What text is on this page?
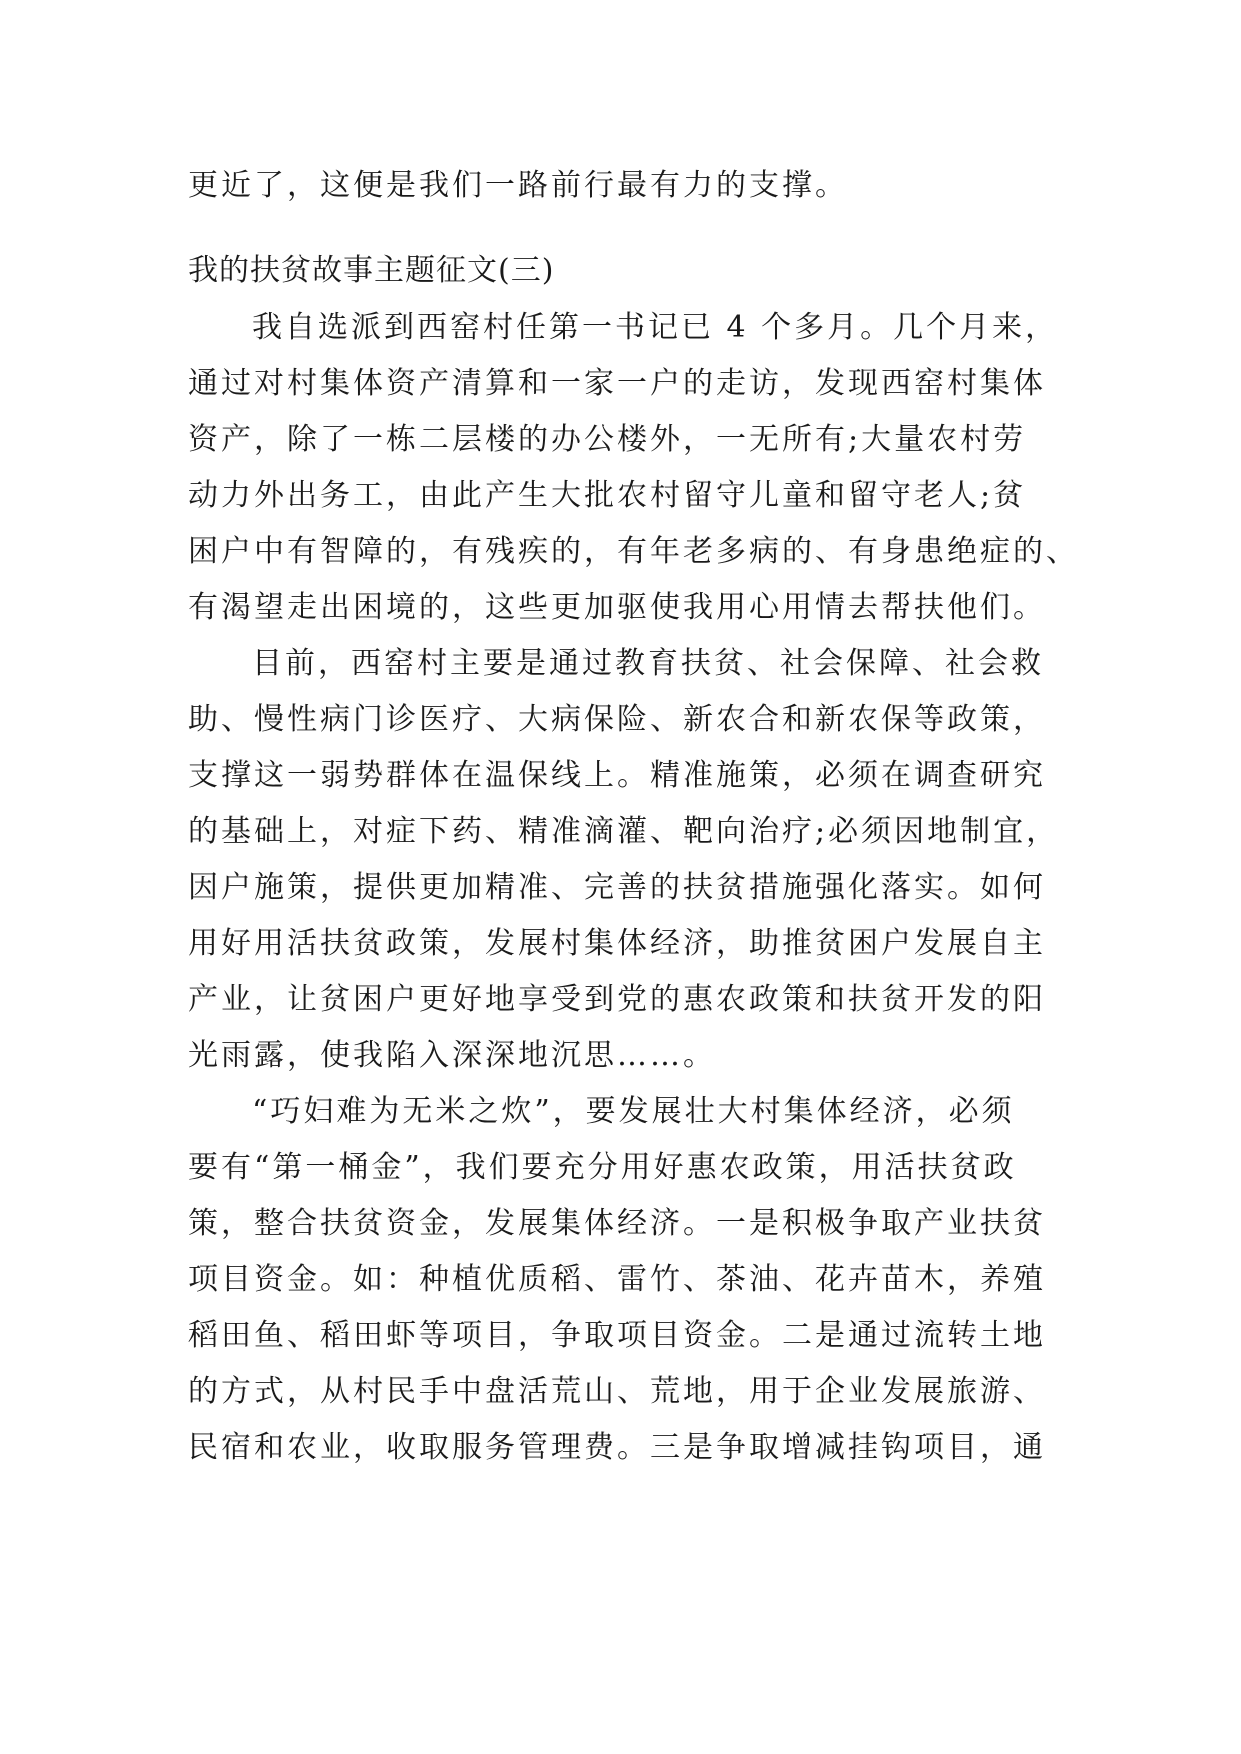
更近了，这便是我们一路前行最有力的支撑。
我的扶贫故事主题征文(三)
我自选派到西窑村任第一书记已 4 个多月。几个月来，
通过对村集体资产清算和一家一户的走访，发现西窑村集体
资产，除了一栋二层楼的办公楼外，一无所有;大量农村劳
动力外出务工，由此产生大批农村留守儿童和留守老人;贫
困户中有智障的，有残疾的，有年老多病的、有身患绝症的、
有渴望走出困境的，这些更加驱使我用心用情去帮扶他们。
目前，西窑村主要是通过教育扶贫、社会保障、社会救
助、慢性病门诊医疗、大病保险、新农合和新农保等政策，
支撑这一弱势群体在温保线上。精准施策，必须在调查研究
的基础上，对症下药、精准滴灌、靶向治疗;必须因地制宜，
因户施策，提供更加精准、完善的扶贫措施强化落实。如何
用好用活扶贫政策，发展村集体经济，助推贫困户发展自主
产业，让贫困户更好地享受到党的惠农政策和扶贫开发的阳
光雨露，使我陷入深深地沉思……。
“巧妇难为无米之炊”，要发展壮大村集体经济，必须
要有“第一桶金”，我们要充分用好惠农政策，用活扶贫政
策，整合扶贫资金，发展集体经济。一是积极争取产业扶贫
项目资金。如：种植优质稻、雷竹、茶油、花卉苗木，养殖
稻田鱼、稻田虾等项目，争取项目资金。二是通过流转土地
的方式，从村民手中盘活荒山、荒地，用于企业发展旅游、
民宿和农业，收取服务管理费。三是争取增减挂钩项目，通
